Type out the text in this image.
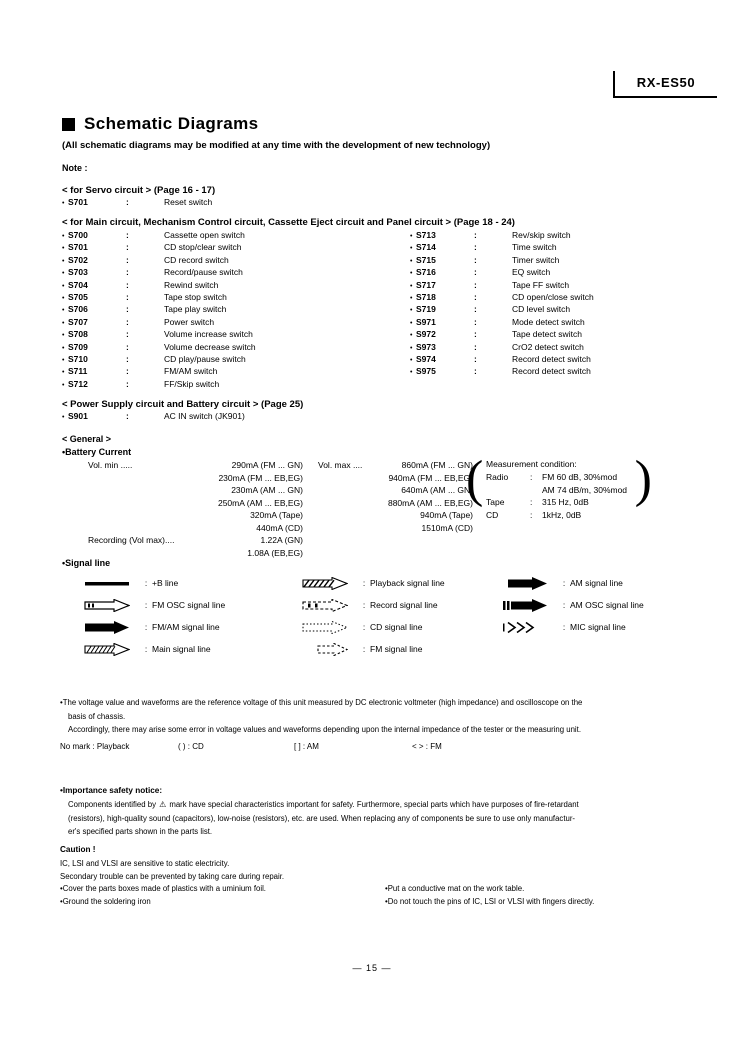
RX-ES50
Schematic Diagrams
(All schematic diagrams may be modified at any time with the development of new technology)
Note :
< for Servo circuit > (Page 16 - 17)
• S701	:	Reset switch
< for Main circuit, Mechanism Control circuit, Cassette Eject circuit and Panel circuit > (Page 18 - 24)
• S700	:	Cassette open switch
• S701	:	CD stop/clear switch
• S702	:	CD record switch
• S703	:	Record/pause switch
• S704	:	Rewind switch
• S705	:	Tape stop switch
• S706	:	Tape play switch
• S707	:	Power switch
• S708	:	Volume increase switch
• S709	:	Volume decrease switch
• S710	:	CD play/pause switch
• S711	:	FM/AM switch
• S712	:	FF/Skip switch
• S713	:	Rev/skip switch
• S714	:	Time switch
• S715	:	Timer switch
• S716	:	EQ switch
• S717	:	Tape FF switch
• S718	:	CD open/close switch
• S719	:	CD level switch
• S971	:	Mode detect switch
• S972	:	Tape detect switch
• S973	:	CrO2 detect switch
• S974	:	Record detect switch
• S975	:	Record detect switch
< Power Supply circuit and Battery circuit > (Page 25)
• S901	:	AC IN switch (JK901)
< General >
•Battery Current
Vol. min .....	290mA (FM ... GN)
230mA (FM ... EB,EG)
230mA (AM ... GN)
250mA (AM ... EB,EG)
320mA (Tape)
440mA (CD)
Recording (Vol max)....	1.22A (GN)
1.08A (EB,EG)
Vol. max ....	860mA (FM ... GN)
940mA (FM ... EB,EG)
640mA (AM ... GN)
880mA (AM ... EB,EG)
940mA (Tape)
1510mA (CD)
(	)
Measurement condition:
Radio	:	FM 60 dB, 30%mod
AM 74 dB/m, 30%mod
Tape	:	315 Hz, 0dB
CD	:	1kHz, 0dB
•Signal line
: +B line
: FM OSC signal line
: FM/AM signal line
: Main signal line
: Playback signal line
: Record signal line
: CD signal line
: FM signal line
: AM signal line
: AM OSC signal line
: MIC signal line
•The voltage value and waveforms are the reference voltage of this unit measured by DC electronic voltmeter (high impedance) and oscilloscope on the
basis of chassis.
Accordingly, there may arise some error in voltage values and waveforms depending upon the internal impedance of the tester or the measuring unit.
No mark : Playback	( ) : CD	[ ] : AM	< > : FM
•Importance safety notice:
Components identified by ⚠ mark have special characteristics important for safety. Furthermore, special parts which have purposes of fire-retardant
(resistors), high-quality sound (capacitors), low-noise (resistors), etc. are used. When replacing any of components be sure to use only manufactur-
er's specified parts shown in the parts list.
Caution !
IC, LSI and VLSI are sensitive to static electricity.
Secondary trouble can be prevented by taking care during repair.
•Cover the parts boxes made of plastics with a uminium foil.
•Ground the soldering iron
•Put a conductive mat on the work table.
•Do not touch the pins of IC, LSI or VLSI with fingers directly.
— 15 —
